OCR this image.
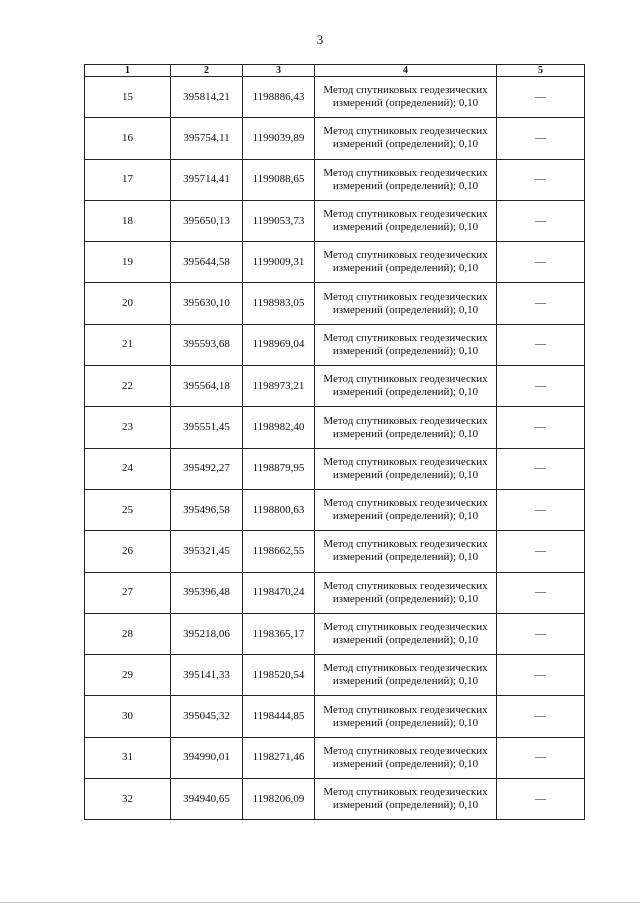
3
1	2	3	4	5
15	395814,21	1198886,43	Метод спутниковых геодезических измерений (определений); 0,10	—
16	395754,11	1199039,89	Метод спутниковых геодезических измерений (определений); 0,10	—
17	395714,41	1199088,65	Метод спутниковых геодезических измерений (определений); 0,10	—
18	395650,13	1199053,73	Метод спутниковых геодезических измерений (определений); 0,10	—
19	395644,58	1199009,31	Метод спутниковых геодезических измерений (определений); 0,10	—
20	395630,10	1198983,05	Метод спутниковых геодезических измерений (определений); 0,10	—
21	395593,68	1198969,04	Метод спутниковых геодезических измерений (определений); 0,10	—
22	395564,18	1198973,21	Метод спутниковых геодезических измерений (определений); 0,10	—
23	395551,45	1198982,40	Метод спутниковых геодезических измерений (определений); 0,10	—
24	395492,27	1198879,95	Метод спутниковых геодезических измерений (определений); 0,10	—
25	395496,58	1198800,63	Метод спутниковых геодезических измерений (определений); 0,10	—
26	395321,45	1198662,55	Метод спутниковых геодезических измерений (определений); 0,10	—
27	395396,48	1198470,24	Метод спутниковых геодезических измерений (определений); 0,10	—
28	395218,06	1198365,17	Метод спутниковых геодезических измерений (определений); 0,10	—
29	395141,33	1198520,54	Метод спутниковых геодезических измерений (определений); 0,10	—
30	395045,32	1198444,85	Метод спутниковых геодезических измерений (определений); 0,10	—
31	394990,01	1198271,46	Метод спутниковых геодезических измерений (определений); 0,10	—
32	394940,65	1198206,09	Метод спутниковых геодезических измерений (определений); 0,10	—
